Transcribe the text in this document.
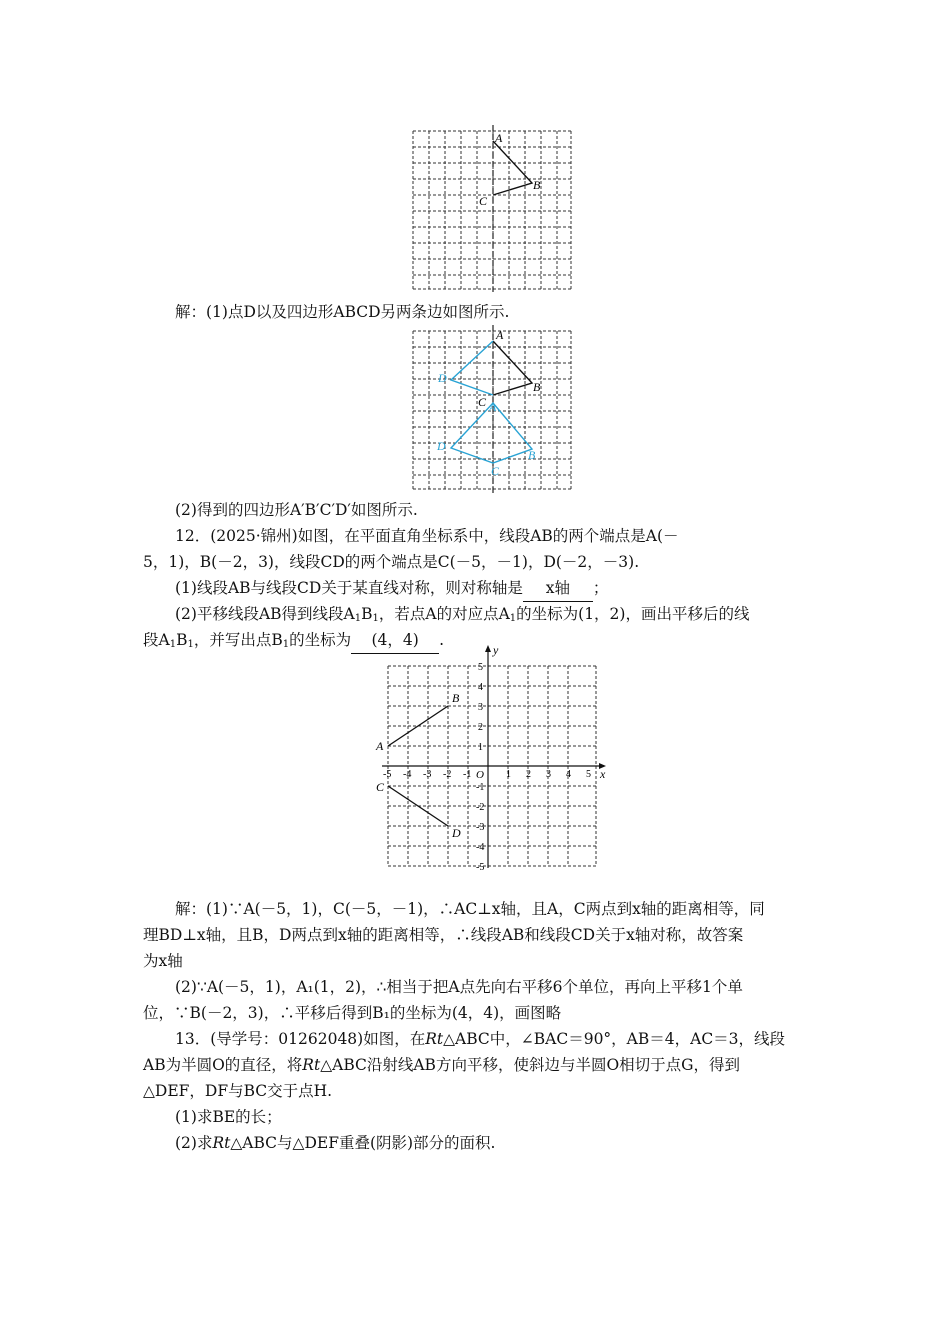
A
B
C
解：(1)点D以及四边形ABCD另两条边如图所示.
A
B
C
D
A
B
C
D
(2)得到的四边形A′B′C′D′如图所示.
12．(2025·锦州)如图，在平面直角坐标系中，线段AB的两个端点是A(－
5，1)，B(－2，3)，线段CD的两个端点是C(－5，－1)，D(－2，－3).
(1)线段AB与线段CD关于某直线对称，则对称轴是 x轴 ；
(2)平移线段AB得到线段$A_1B_1$，若点A的对应点$A_1$的坐标为(1，2)，画出平移后的线
段$A_1B_1$，并写出点$B_1$的坐标为 (4，4) .
x
y
O
-5 -4 -3 -2 -1	1 2 3 4 5
5
4
3
2
1
-1
-2
-3
-4
-5
A
B
C
D
解：(1)∵A(－5，1)，C(－5，－1)，∴AC⊥x轴，且A，C两点到x轴的距离相等，同
理BD⊥x轴，且B，D两点到x轴的距离相等，∴线段AB和线段CD关于x轴对称，故答案
为x轴
(2)∵A(－5，1)，A₁(1，2)，∴相当于把A点先向右平移6个单位，再向上平移1个单
位，∵B(－2，3)，∴平移后得到B₁的坐标为(4，4)，画图略
13．(导学号：01262048)如图，在Rt△ABC中，∠BAC＝90°，AB＝4，AC＝3，线段
AB为半圆O的直径，将Rt△ABC沿射线AB方向平移，使斜边与半圆O相切于点G，得到
△DEF，DF与BC交于点H.
(1)求BE的长；
(2)求Rt△ABC与△DEF重叠(阴影)部分的面积.
